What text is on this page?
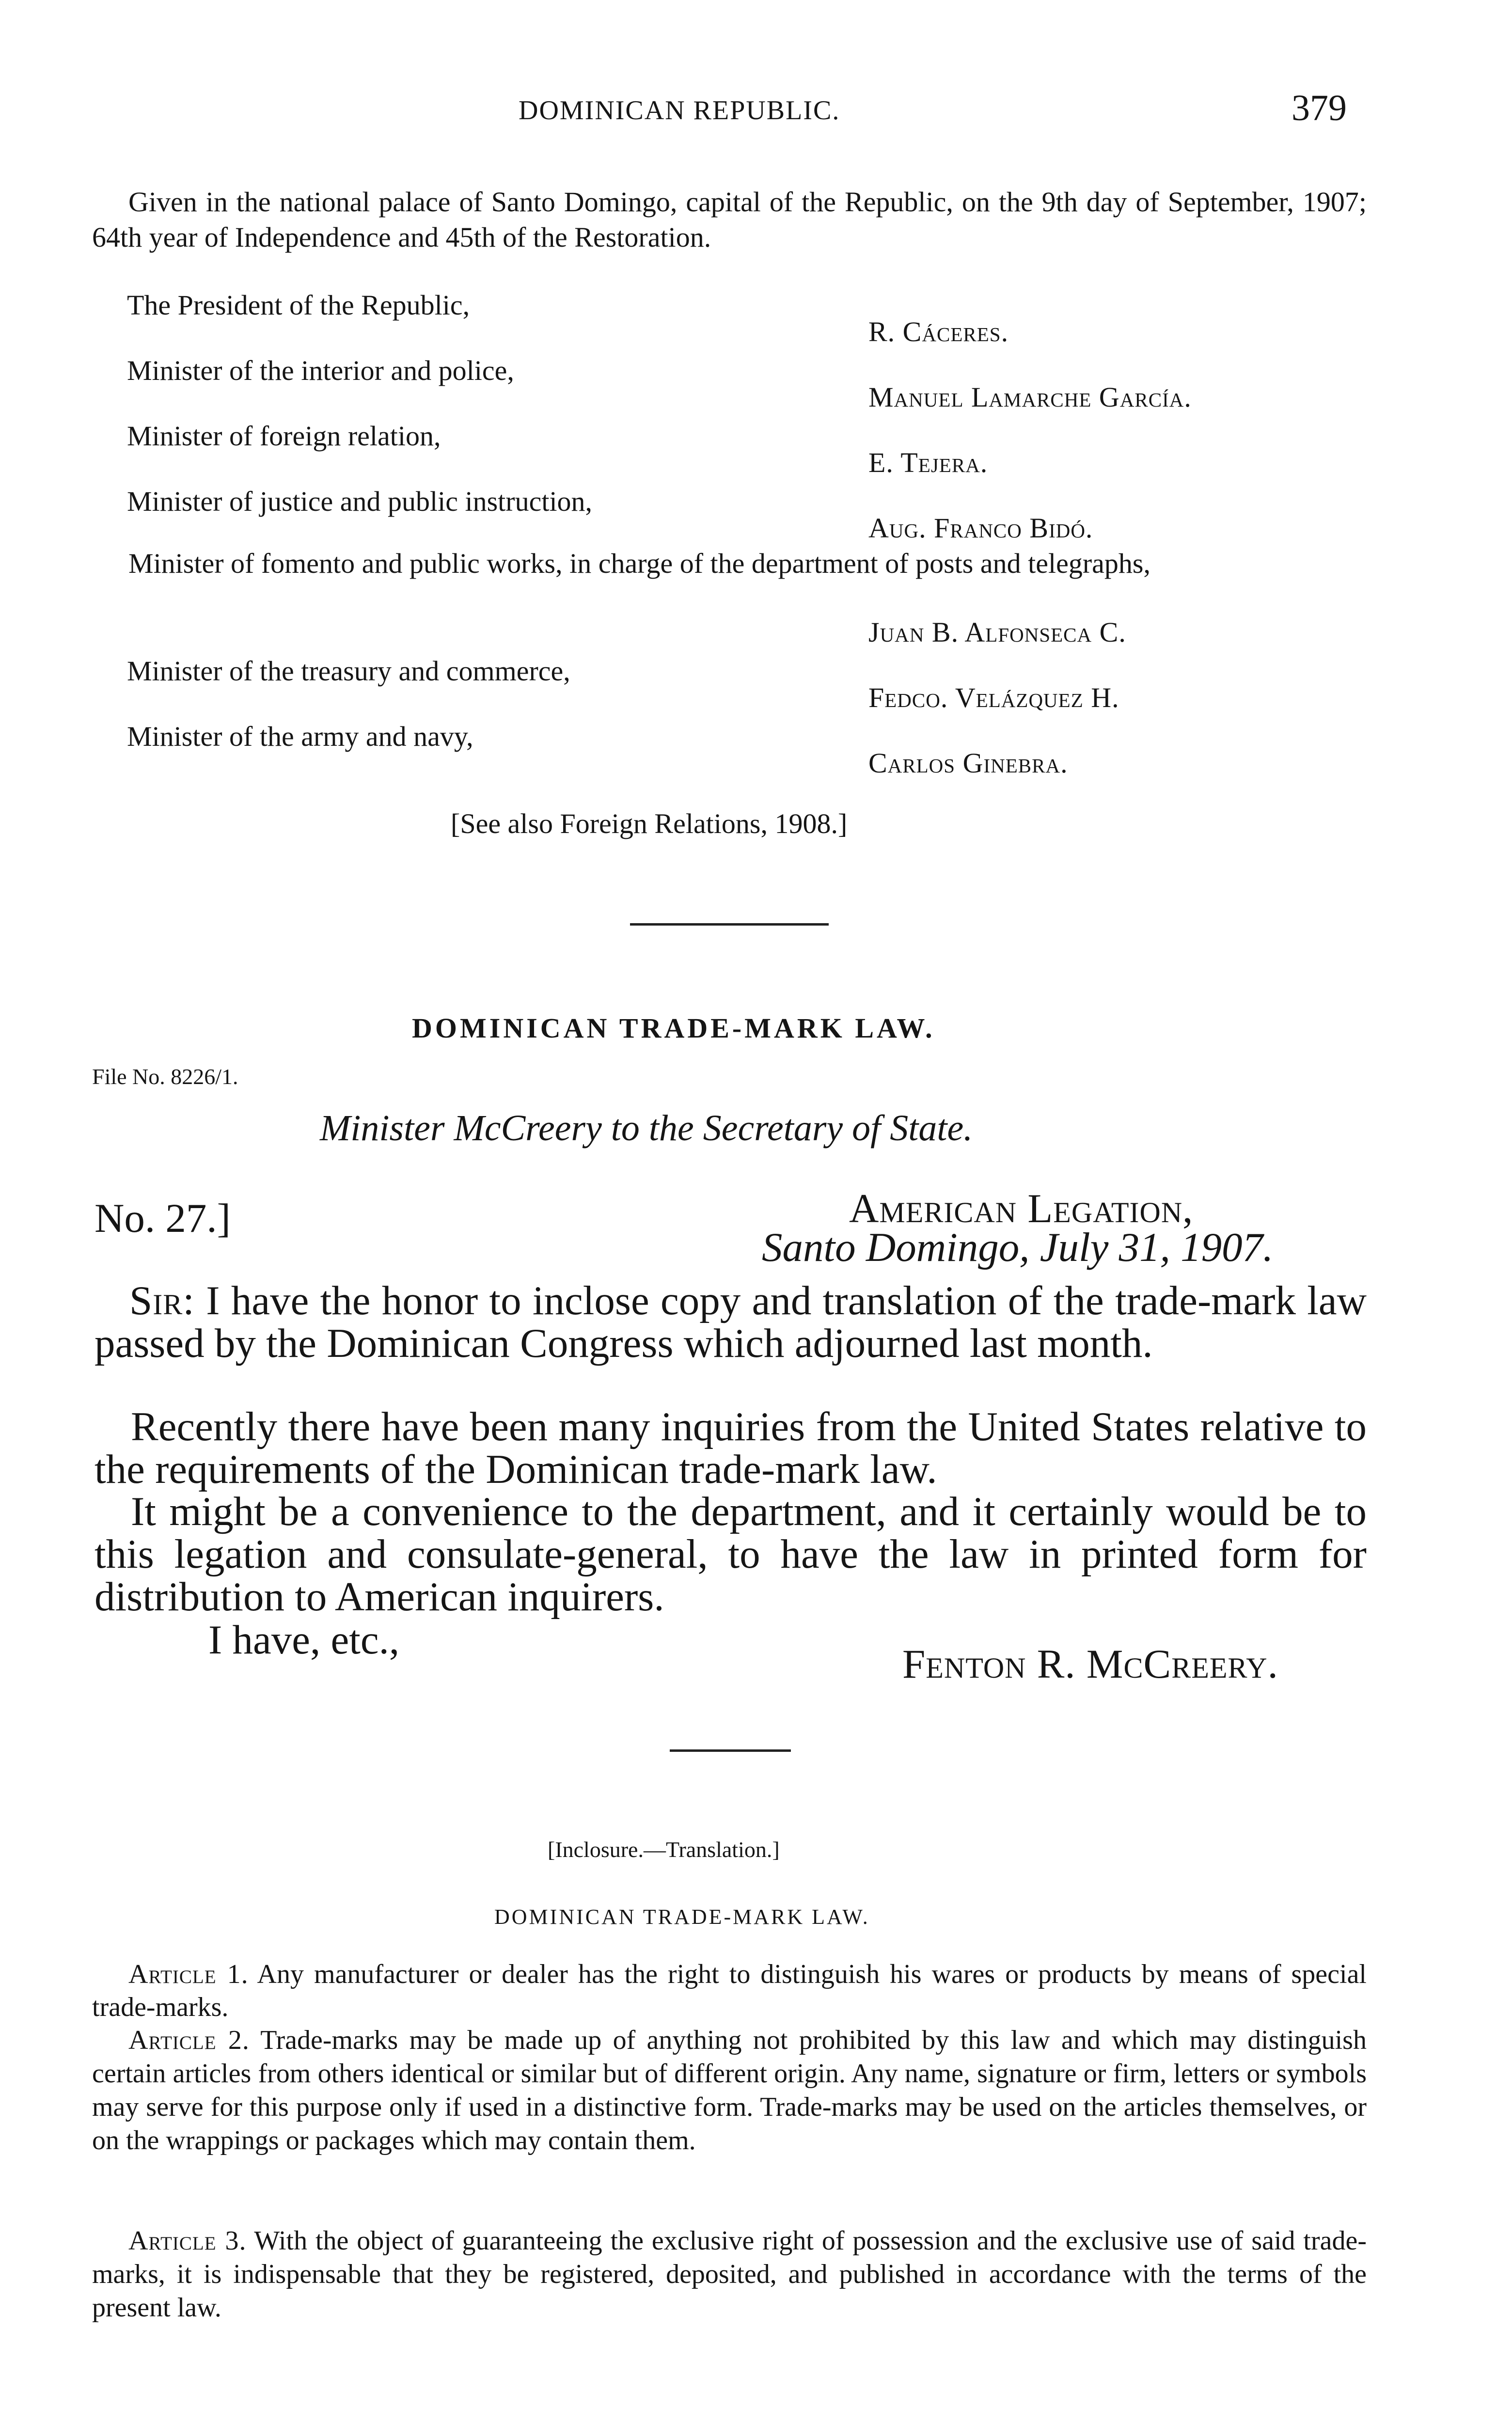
DOMINICAN REPUBLIC.	379
Given in the national palace of Santo Domingo, capital of the Republic, on the 9th day of September, 1907; 64th year of Independence and 45th of the Restoration.
The President of the Republic,
R. Cáceres.
Minister of the interior and police,
Manuel Lamarche García.
Minister of foreign relation,
E. Tejera.
Minister of justice and public instruction,
Aug. Franco Bidó.
Minister of fomento and public works, in charge of the department of posts and telegraphs,
Juan B. Alfonseca C.
Minister of the treasury and commerce,
Fedco. Velázquez H.
Minister of the army and navy,
Carlos Ginebra.
[See also Foreign Relations, 1908.]
DOMINICAN TRADE-MARK LAW.
File No. 8226/1.
Minister McCreery to the Secretary of State.
No. 27.]	American Legation,
Santo Domingo, July 31, 1907.
Sir: I have the honor to inclose copy and translation of the trade-mark law passed by the Dominican Congress which adjourned last month.
Recently there have been many inquiries from the United States relative to the requirements of the Dominican trade-mark law.
It might be a convenience to the department, and it certainly would be to this legation and consulate-general, to have the law in printed form for distribution to American inquirers.
I have, etc.,
Fenton R. McCreery.
[Inclosure.—Translation.]
DOMINICAN TRADE-MARK LAW.
Article 1. Any manufacturer or dealer has the right to distinguish his wares or products by means of special trade-marks.
Article 2. Trade-marks may be made up of anything not prohibited by this law and which may distinguish certain articles from others identical or similar but of different origin. Any name, signature or firm, letters or symbols may serve for this purpose only if used in a distinctive form. Trade-marks may be used on the articles themselves, or on the wrappings or packages which may contain them.
Article 3. With the object of guaranteeing the exclusive right of possession and the exclusive use of said trade-marks, it is indispensable that they be registered, deposited, and published in accordance with the terms of the present law.
